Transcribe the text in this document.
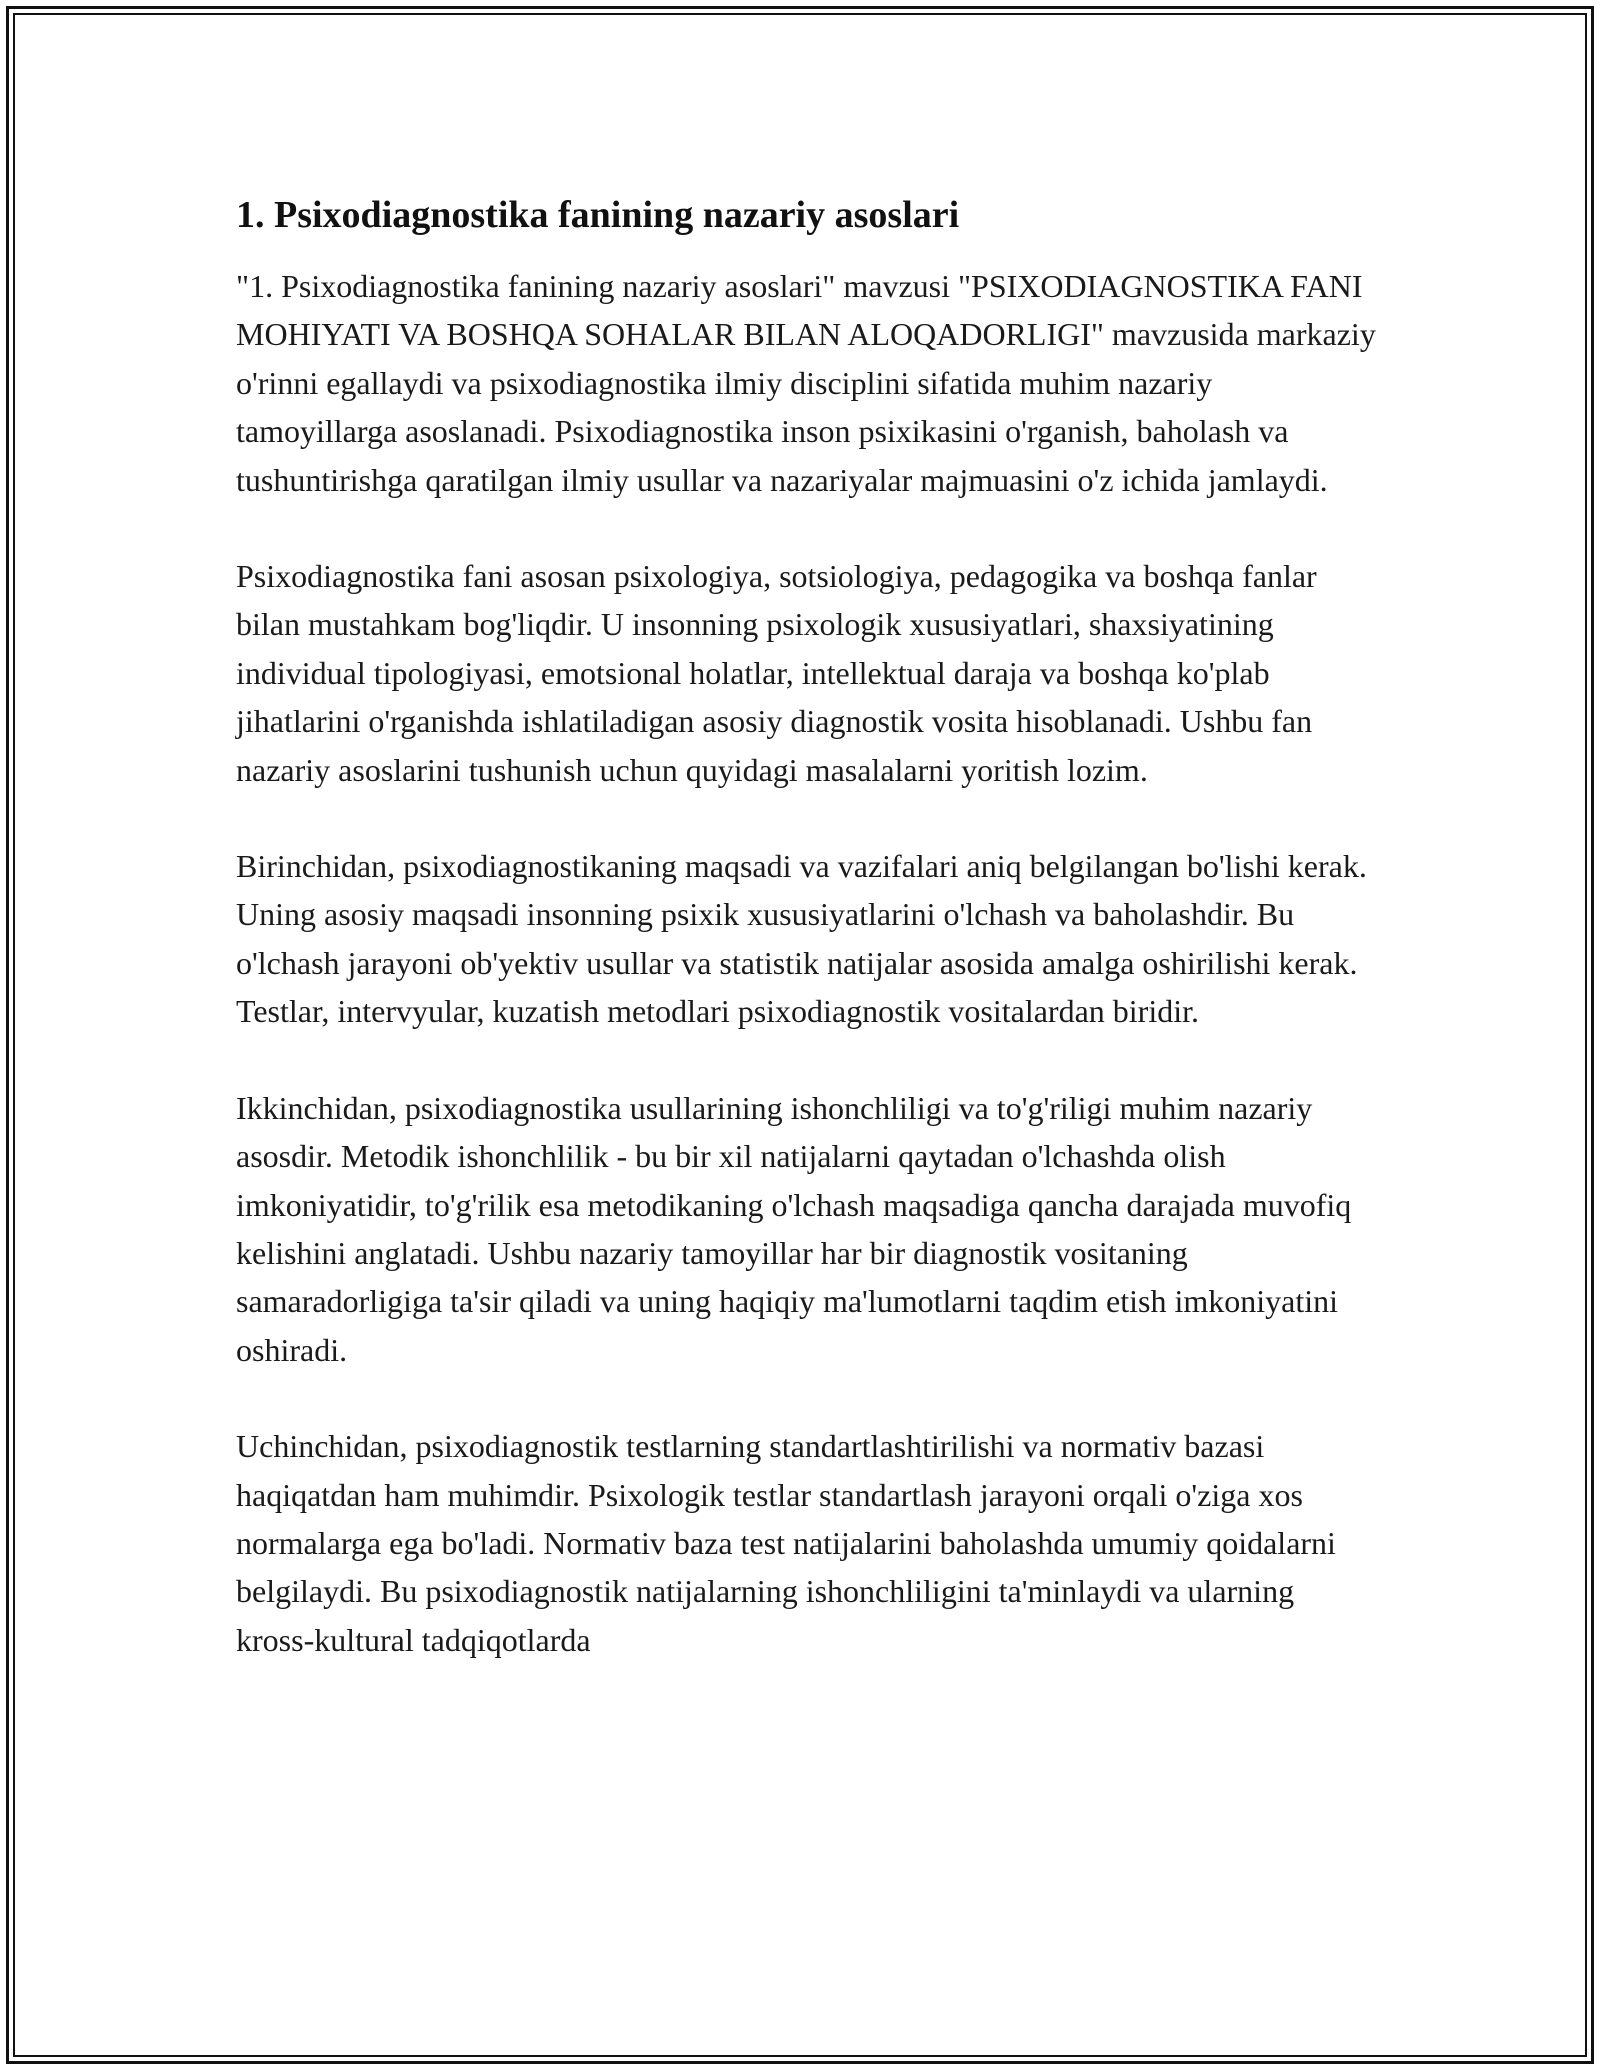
1. Psixodiagnostika fanining nazariy asoslari

"1. Psixodiagnostika fanining nazariy asoslari" mavzusi "PSIXODIAGNOSTIKA FANI MOHIYATI VA BOSHQA SOHALAR BILAN ALOQADORLIGI" mavzusida markaziy o'rinni egallaydi va psixodiagnostika ilmiy disciplini sifatida muhim nazariy tamoyillarga asoslanadi. Psixodiagnostika inson psixikasini o'rganish, baholash va tushuntirishga qaratilgan ilmiy usullar va nazariyalar majmuasini o'z ichida jamlaydi.

Psixodiagnostika fani asosan psixologiya, sotsiologiya, pedagogika va boshqa fanlar bilan mustahkam bog'liqdir. U insonning psixologik xususiyatlari, shaxsiyatining individual tipologiyasi, emotsional holatlar, intellektual daraja va boshqa ko'plab jihatlarini o'rganishda ishlatiladigan asosiy diagnostik vosita hisoblanadi. Ushbu fan nazariy asoslarini tushunish uchun quyidagi masalalarni yoritish lozim.

Birinchidan, psixodiagnostikaning maqsadi va vazifalari aniq belgilangan bo'lishi kerak. Uning asosiy maqsadi insonning psixik xususiyatlarini o'lchash va baholashdir. Bu o'lchash jarayoni ob'yektiv usullar va statistik natijalar asosida amalga oshirilishi kerak. Testlar, intervyular, kuzatish metodlari psixodiagnostik vositalardan biridir.

Ikkinchidan, psixodiagnostika usullarining ishonchliligi va to'g'riligi muhim nazariy asosdir. Metodik ishonchlilik - bu bir xil natijalarni qaytadan o'lchashda olish imkoniyatidir, to'g'rilik esa metodikaning o'lchash maqsadiga qancha darajada muvofiq kelishini anglatadi. Ushbu nazariy tamoyillar har bir diagnostik vositaning samaradorligiga ta'sir qiladi va uning haqiqiy ma'lumotlarni taqdim etish imkoniyatini oshiradi.

Uchinchidan, psixodiagnostik testlarning standartlashtirilishi va normativ bazasi haqiqatdan ham muhimdir. Psixologik testlar standartlash jarayoni orqali o'ziga xos normalarga ega bo'ladi. Normativ baza test natijalarini baholashda umumiy qoidalarni belgilaydi. Bu psixodiagnostik natijalarning ishonchliligini ta'minlaydi va ularning kross-kultural tadqiqotlarda
